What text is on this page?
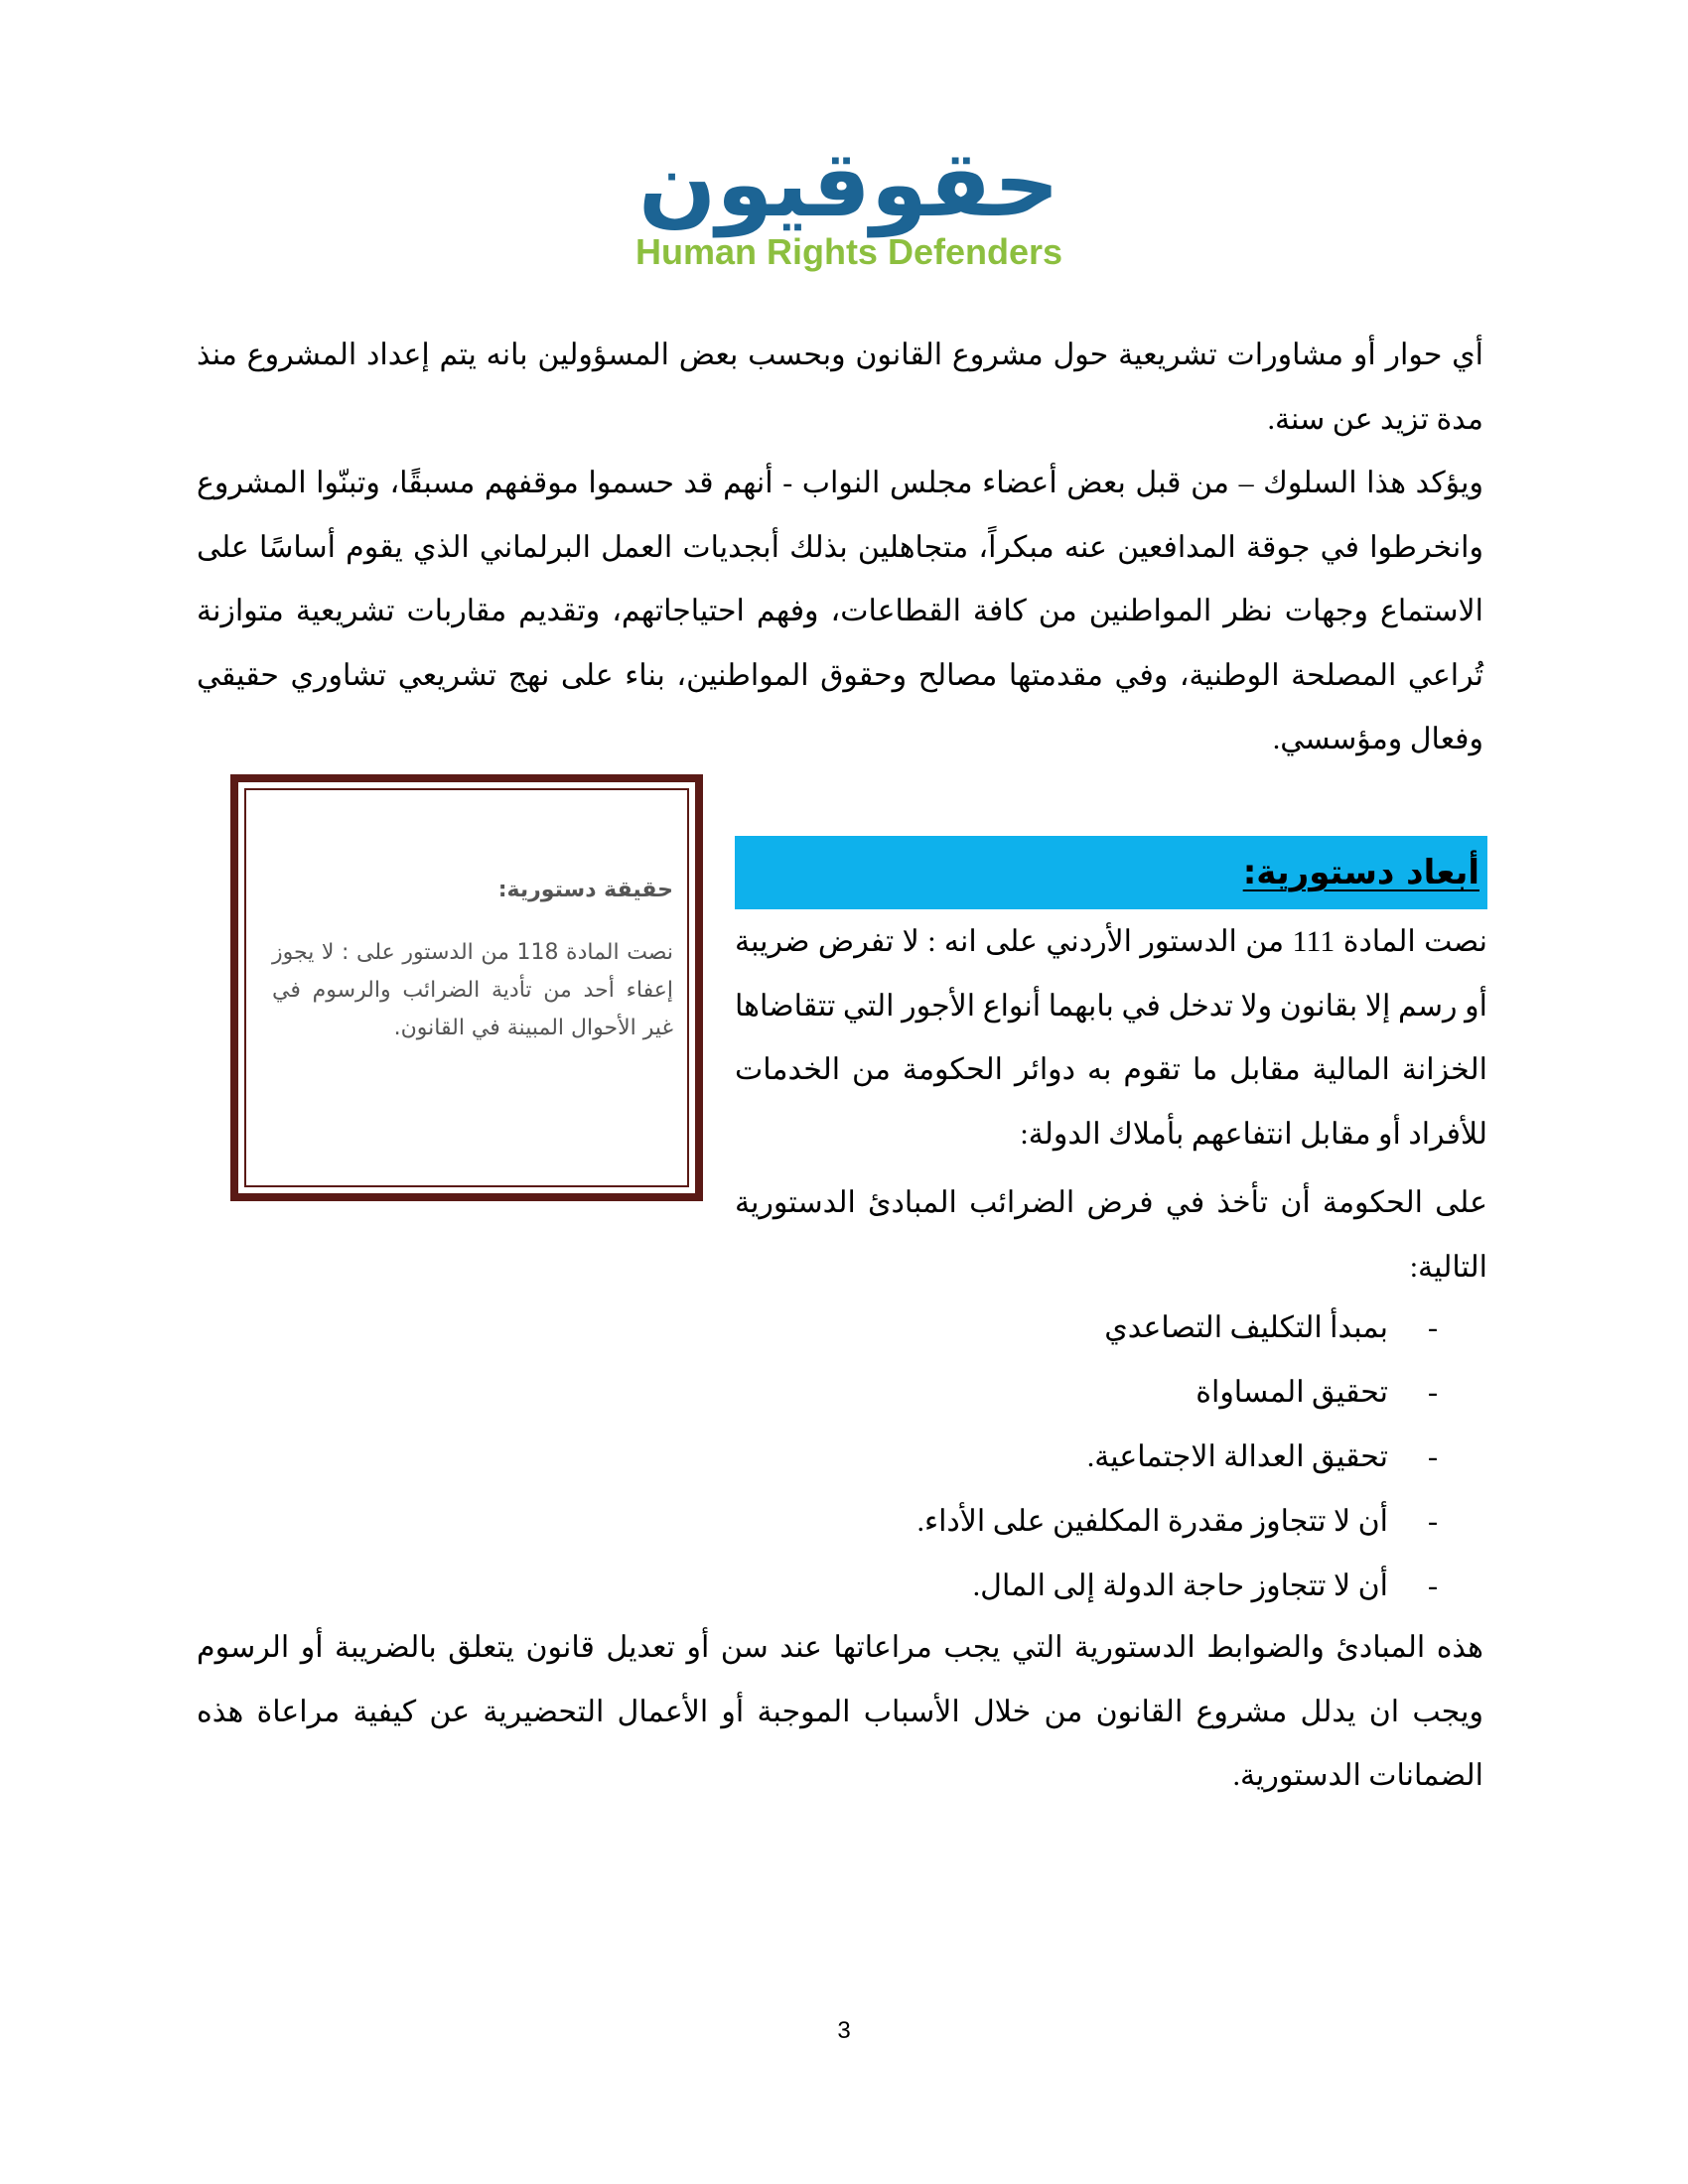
حقوقيون
Human Rights Defenders

أي حوار أو مشاورات تشريعية حول مشروع القانون وبحسب بعض المسؤولين بانه يتم إعداد المشروع منذ مدة تزيد عن سنة.

ويؤكد هذا السلوك – من قبل بعض أعضاء مجلس النواب - أنهم قد حسموا موقفهم مسبقًا، وتبنّوا المشروع وانخرطوا في جوقة المدافعين عنه مبكراً، متجاهلين بذلك أبجديات العمل البرلماني الذي يقوم أساسًا على الاستماع وجهات نظر المواطنين من كافة القطاعات، وفهم احتياجاتهم، وتقديم مقاربات تشريعية متوازنة تُراعي المصلحة الوطنية، وفي مقدمتها مصالح وحقوق المواطنين، بناء على نهج تشريعي تشاوري حقيقي وفعال ومؤسسي.

حقيقة دستورية:

نصت المادة 118 من الدستور على : لا يجوز إعفاء أحد من تأدية الضرائب والرسوم في غير الأحوال المبينة في القانون.

أبعاد دستورية:

نصت المادة 111 من الدستور الأردني على انه : لا تفرض ضريبة أو رسم إلا بقانون ولا تدخل في بابهما أنواع الأجور التي تتقاضاها الخزانة المالية مقابل ما تقوم به دوائر الحكومة من الخدمات للأفراد أو مقابل انتفاعهم بأملاك الدولة:

على الحكومة أن تأخذ في فرض الضرائب المبادئ الدستورية التالية:

-
بمبدأ التكليف التصاعدي
-
تحقيق المساواة
-
تحقيق العدالة الاجتماعية.
-
أن لا تتجاوز مقدرة المكلفين على الأداء.
-
أن لا تتجاوز حاجة الدولة إلى المال.

هذه المبادئ والضوابط الدستورية التي يجب مراعاتها عند سن أو تعديل قانون يتعلق بالضريبة أو الرسوم ويجب ان يدلل مشروع القانون من خلال الأسباب الموجبة أو الأعمال التحضيرية عن كيفية مراعاة هذه الضمانات الدستورية.

3
